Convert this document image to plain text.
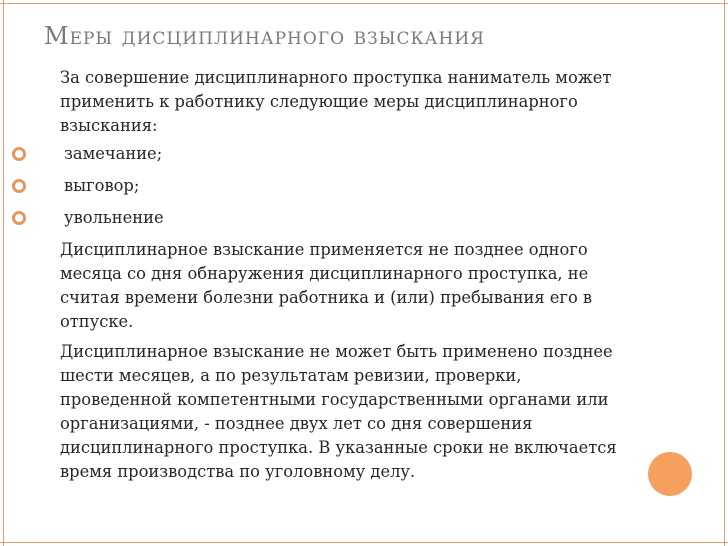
Меры дисциплинарного взыскания
За совершение дисциплинарного проступка наниматель может применить к работнику следующие меры дисциплинарного взыскания:
замечание;
выговор;
увольнение
Дисциплинарное взыскание применяется не позднее одного месяца со дня обнаружения дисциплинарного проступка, не считая времени болезни работника и (или) пребывания его в отпуске.
Дисциплинарное взыскание не может быть применено позднее шести месяцев, а по результатам ревизии, проверки, проведенной компетентными государственными органами или организациями, - позднее двух лет со дня совершения дисциплинарного проступка. В указанные сроки не включается время производства по уголовному делу.
